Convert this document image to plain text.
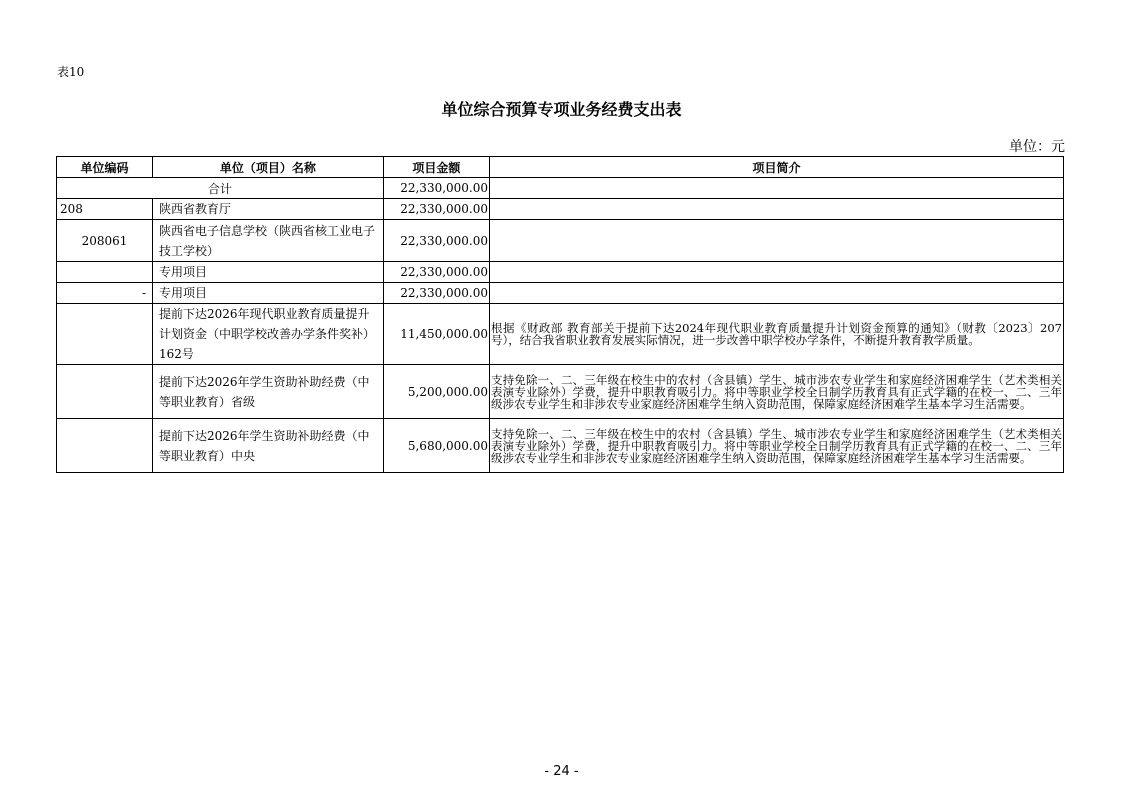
表10
单位综合预算专项业务经费支出表
单位：元
单位编码	单位（项目）名称	项目金额	项目简介
合计		22,330,000.00	
208	陕西省教育厅	22,330,000.00	
208061	陕西省电子信息学校（陕西省核工业电子技工学校）	22,330,000.00	
	专用项目	22,330,000.00	
-	专用项目	22,330,000.00	
	提前下达2026年现代职业教育质量提升计划资金（中职学校改善办学条件奖补）162号	11,450,000.00	根据《财政部 教育部关于提前下达2024年现代职业教育质量提升计划资金预算的通知》（财教〔2023〕207号），结合我省职业教育发展实际情况，进一步改善中职学校办学条件，不断提升教育教学质量。
	提前下达2026年学生资助补助经费（中等职业教育）省级	5,200,000.00	支持免除一、二、三年级在校生中的农村（含县镇）学生、城市涉农专业学生和家庭经济困难学生（艺术类相关表演专业除外）学费，提升中职教育吸引力。将中等职业学校全日制学历教育具有正式学籍的在校一、二、三年级涉农专业学生和非涉农专业家庭经济困难学生纳入资助范围，保障家庭经济困难学生基本学习生活需要。
	提前下达2026年学生资助补助经费（中等职业教育）中央	5,680,000.00	支持免除一、二、三年级在校生中的农村（含县镇）学生、城市涉农专业学生和家庭经济困难学生（艺术类相关表演专业除外）学费，提升中职教育吸引力。将中等职业学校全日制学历教育具有正式学籍的在校一、二、三年级涉农专业学生和非涉农专业家庭经济困难学生纳入资助范围，保障家庭经济困难学生基本学习生活需要。
- 24 -
